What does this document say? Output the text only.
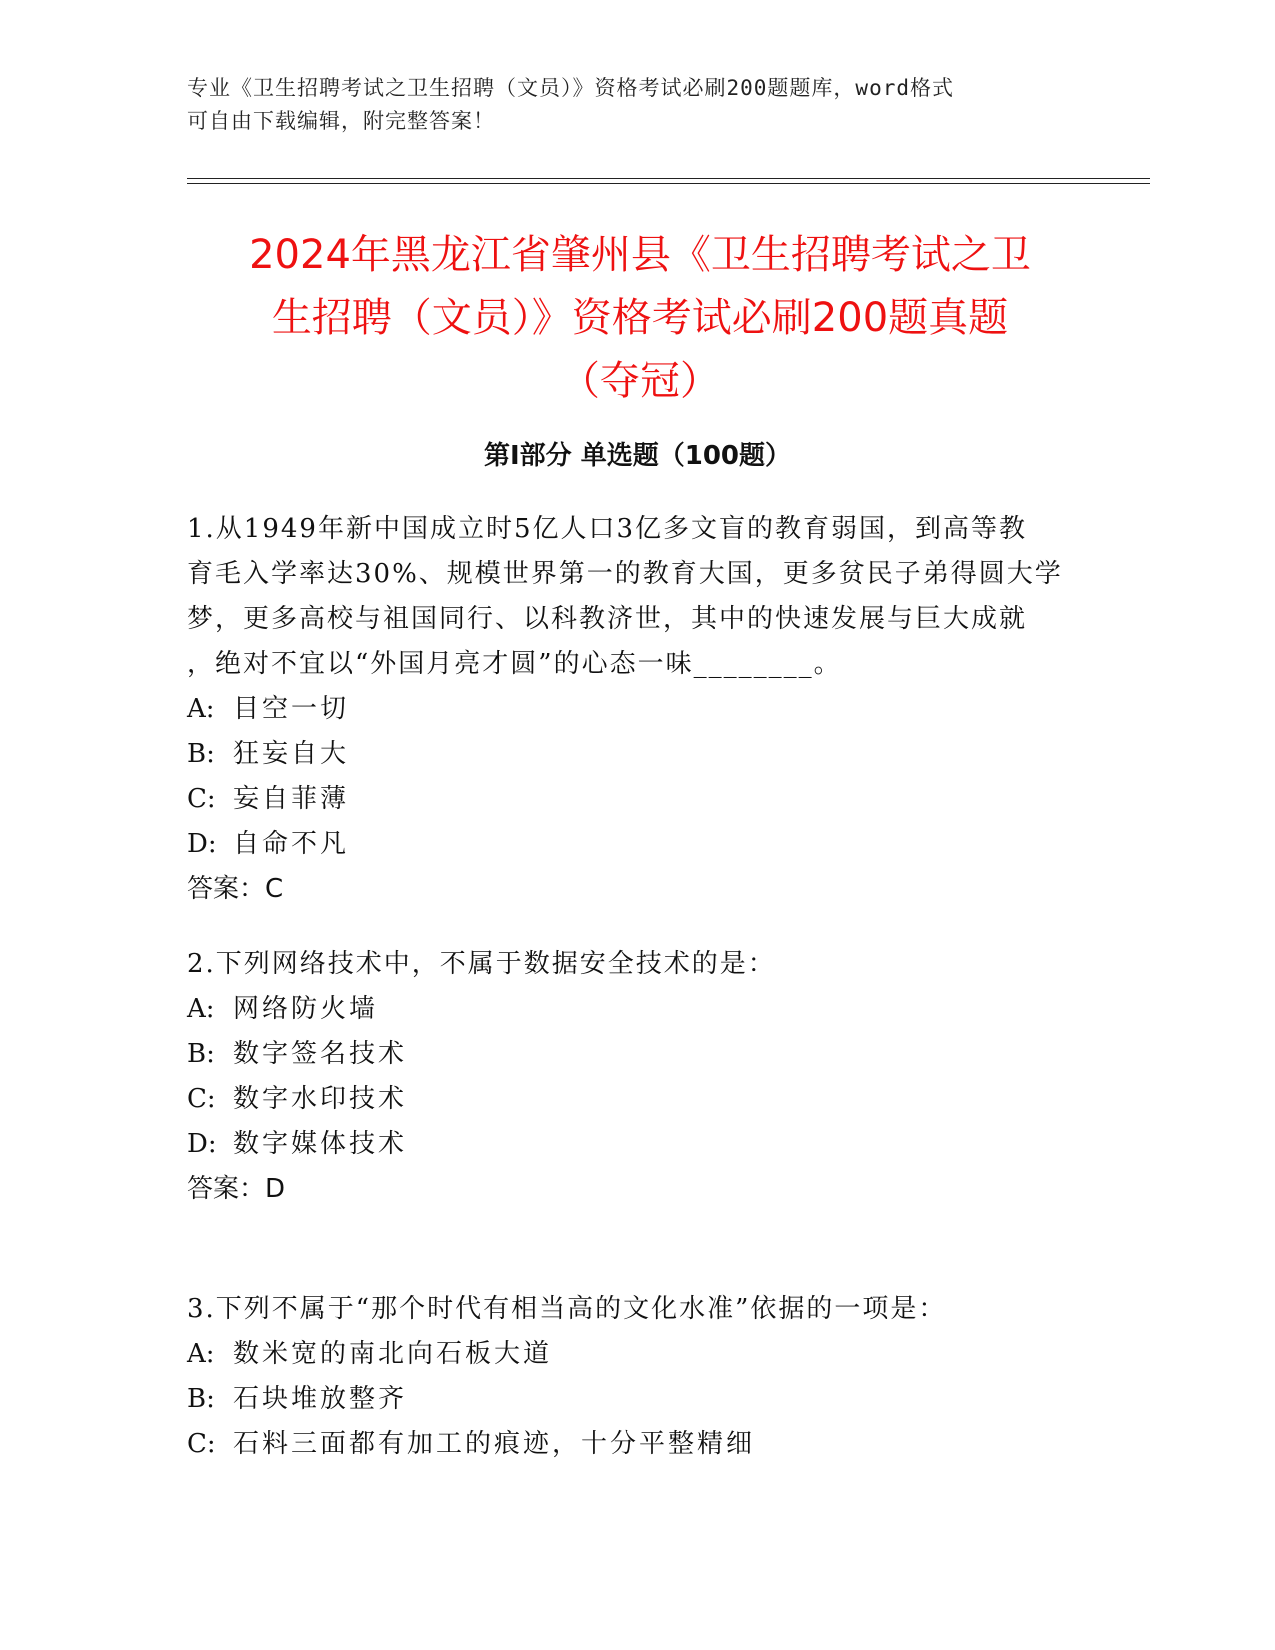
专业《卫生招聘考试之卫生招聘（文员）》资格考试必刷200题题库，word格式
可自由下载编辑，附完整答案！
2024年黑龙江省肇州县《卫生招聘考试之卫
生招聘（文员）》资格考试必刷200题真题
（夺冠）
第Ⅰ部分 单选题（100题）

1.从1949年新中国成立时5亿人口3亿多文盲的教育弱国，到高等教
育毛入学率达30%、规模世界第一的教育大国，更多贫民子弟得圆大学
梦，更多高校与祖国同行、以科教济世，其中的快速发展与巨大成就
，绝对不宜以“外国月亮才圆”的心态一味________。

A: 目空一切

B: 狂妄自大

C: 妄自菲薄

D: 自命不凡

答案：C

2.下列网络技术中，不属于数据安全技术的是：

A: 网络防火墙

B: 数字签名技术

C: 数字水印技术

D: 数字媒体技术

答案：D

3.下列不属于“那个时代有相当高的文化水准”依据的一项是：

A: 数米宽的南北向石板大道

B: 石块堆放整齐

C: 石料三面都有加工的痕迹，十分平整精细
